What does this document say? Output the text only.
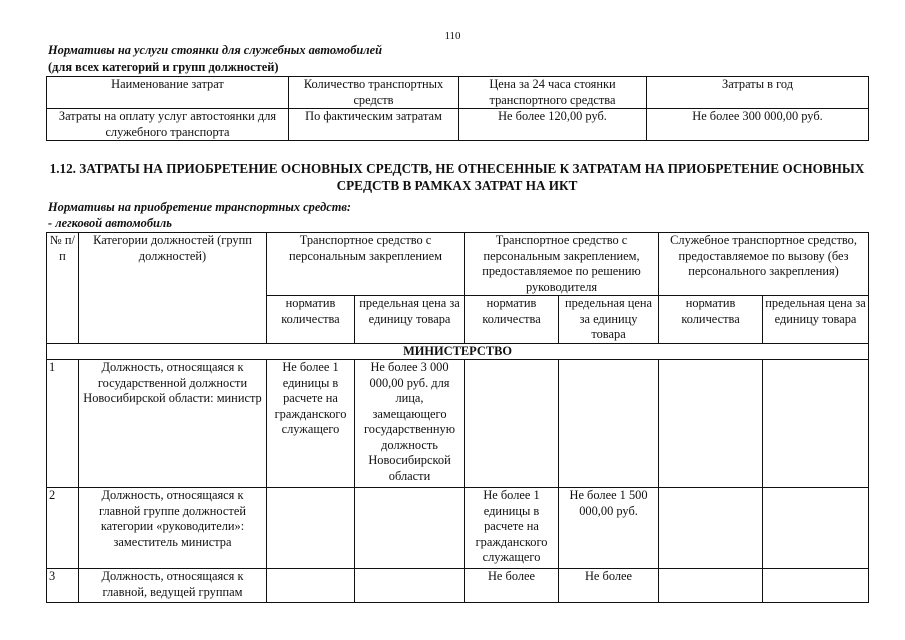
110
Нормативы на услуги стоянки для служебных автомобилей
(для всех категорий и групп должностей)
Наименование затрат	Количество транспортных средств	Цена за 24 часа стоянки транспортного средства	Затраты в год
Затраты на оплату услуг автостоянки для служебного транспорта	По фактическим затратам	Не более 120,00 руб.	Не более 300 000,00 руб.
1.12. ЗАТРАТЫ НА ПРИОБРЕТЕНИЕ ОСНОВНЫХ СРЕДСТВ, НЕ ОТНЕСЕННЫЕ К ЗАТРАТАМ НА ПРИОБРЕТЕНИЕ ОСНОВНЫХ СРЕДСТВ В РАМКАХ ЗАТРАТ НА ИКТ
Нормативы на приобретение транспортных средств:
- легковой автомобиль
№ п/п	Категории должностей (групп должностей)	Транспортное средство с персональным закреплением		Транспортное средство с персональным закреплением, предоставляемое по решению руководителя		Служебное транспортное средство, предоставляемое по вызову (без персонального закрепления)	
		норматив количества	предельная цена за единицу товара	норматив количества	предельная цена за единицу товара	норматив количества	предельная цена за единицу товара
МИНИСТЕРСТВО							
1	Должность, относящаяся к государственной должности Новосибирской области: министр	Не более 1 единицы в расчете на гражданского служащего	Не более 3 000 000,00 руб. для лица, замещающего государственную должность Новосибирской области				
2	Должность, относящаяся к главной группе должностей категории «руководители»: заместитель министра			Не более 1 единицы в расчете на гражданского служащего	Не более 1 500 000,00 руб.		
3	Должность, относящаяся к главной, ведущей группам			Не более	Не более		
